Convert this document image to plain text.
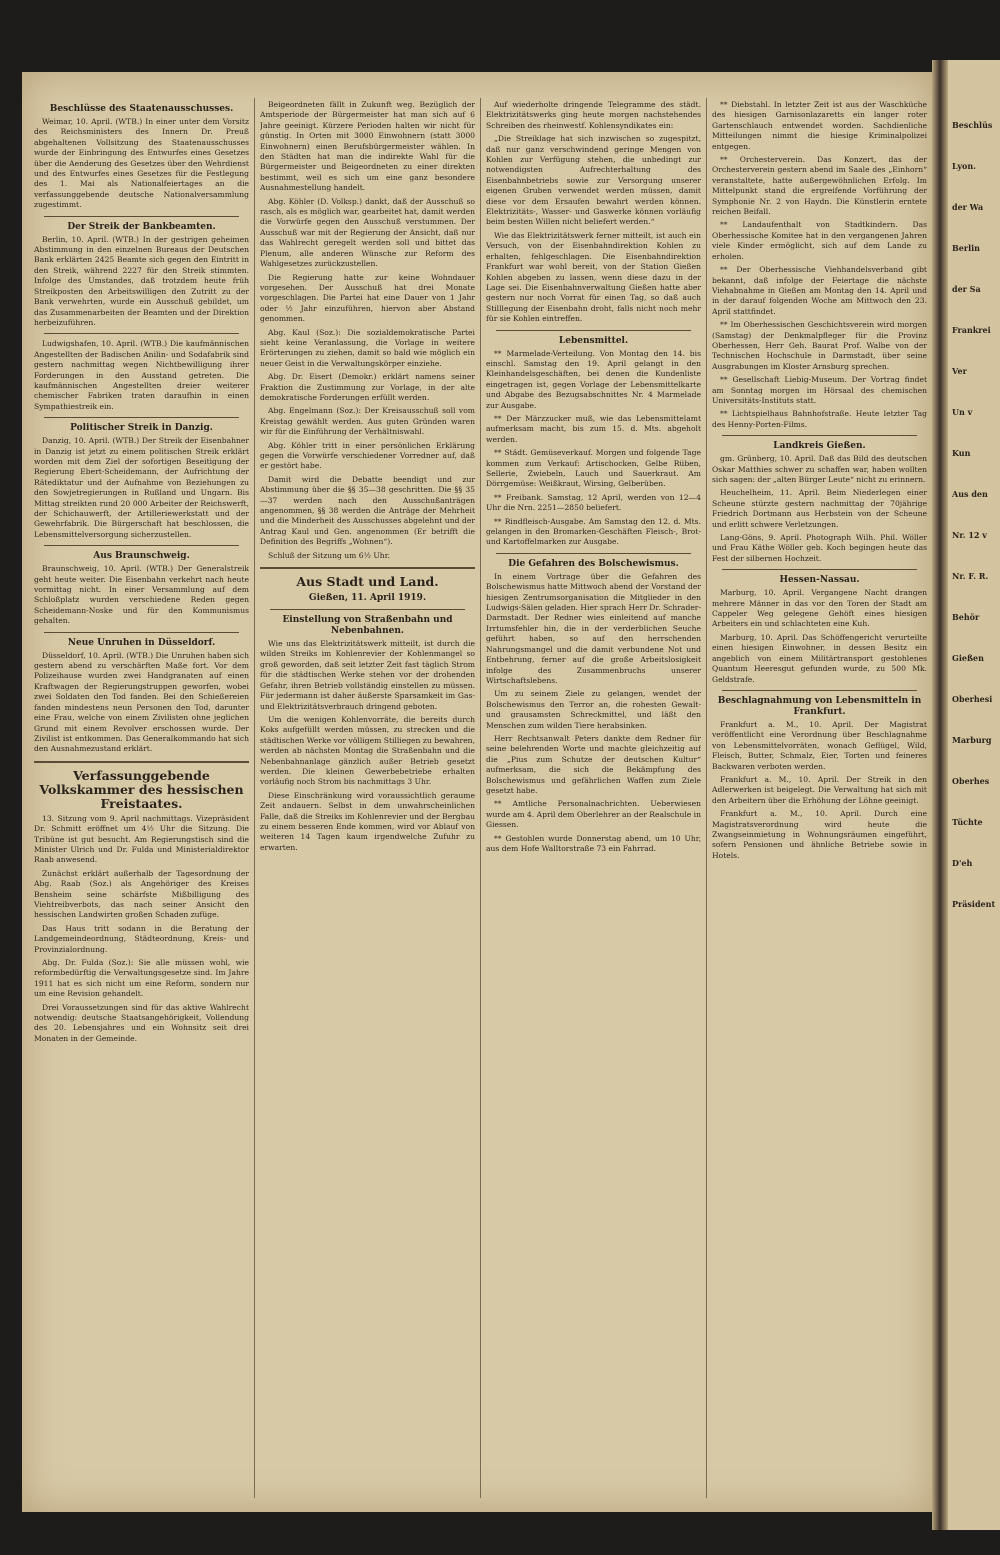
Beschlüsse des Staatenausschusses.

Weimar, 10. April. (WTB.) In einer unter dem Vorsitz des Reichsministers des Innern Dr. Preuß abgehaltenen Vollsitzung des Staatenausschusses wurde der Einbringung des Entwurfes eines Gesetzes über die Aenderung des Gesetzes über den Wehrdienst und des Entwurfes eines Gesetzes für die Festlegung des 1. Mai als Nationalfeiertages an die verfassunggebende deutsche Nationalversammlung zugestimmt.

Der Streik der Bankbeamten.

Berlin, 10. April. (WTB.) In der gestrigen geheimen Abstimmung in den einzelnen Bureaus der Deutschen Bank erklärten 2425 Beamte sich gegen den Eintritt in den Streik, während 2227 für den Streik stimmten. Infolge des Umstandes, daß trotzdem heute früh Streikposten den Arbeitswilligen den Zutritt zu der Bank verwehrten, wurde ein Ausschuß gebildet, um das Zusammenarbeiten der Beamten und der Direktion herbeizuführen.

Ludwigshafen, 10. April. (WTB.) Die kaufmännischen Angestellten der Badischen Anilin- und Sodafabrik sind gestern nachmittag wegen Nichtbewilligung ihrer Forderungen in den Ausstand getreten. Die kaufmännischen Angestellten dreier weiterer chemischer Fabriken traten daraufhin in einen Sympathiestreik ein.

Politischer Streik in Danzig.

Danzig, 10. April. (WTB.) Der Streik der Eisenbahner in Danzig ist jetzt zu einem politischen Streik erklärt worden mit dem Ziel der sofortigen Beseitigung der Regierung Ebert-Scheidemann, der Aufrichtung der Rätediktatur und der Aufnahme von Beziehungen zu den Sowjetregierungen in Rußland und Ungarn. Bis Mittag streikten rund 20 000 Arbeiter der Reichswerft, der Schichauwerft, der Artilleriewerkstatt und der Gewehrfabrik. Die Bürgerschaft hat beschlossen, die Lebensmittelversorgung sicherzustellen.

Aus Braunschweig.

Braunschweig, 10. April. (WTB.) Der Generalstreik geht heute weiter. Die Eisenbahn verkehrt nach heute vormittag nicht. In einer Versammlung auf dem Schloßplatz wurden verschiedene Reden gegen Scheidemann-Noske und für den Kommunismus gehalten.

Neue Unruhen in Düsseldorf.

Düsseldorf, 10. April. (WTB.) Die Unruhen haben sich gestern abend zu verschärften Maße fort. Vor dem Polizeihause wurden zwei Handgranaten auf einen Kraftwagen der Regierungstruppen geworfen, wobei zwei Soldaten den Tod fanden. Bei den Schießereien fanden mindestens neun Personen den Tod, darunter eine Frau, welche von einem Zivilisten ohne jeglichen Grund mit einem Revolver erschossen wurde. Der Zivilist ist entkommen. Das Generalkommando hat sich den Ausnahmezustand erklärt.

Verfassunggebende Volkskammer des hessischen Freistaates.

13. Sitzung vom 9. April nachmittags. Vizepräsident Dr. Schmitt eröffnet um 4½ Uhr die Sitzung. Die Tribüne ist gut besucht. Am Regierungstisch sind die Minister Ulrich und Dr. Fulda und Ministerialdirektor Raab anwesend.

Zunächst erklärt außerhalb der Tagesordnung der Abg. Raab (Soz.) als Angehöriger des Kreises Bensheim seine schärfste Mißbilligung des Viehtreibverbots, das nach seiner Ansicht den hessischen Landwirten großen Schaden zufüge.

Das Haus tritt sodann in die Beratung der Landgemeindeordnung, Städteordnung, Kreis- und Provinzialordnung.

Abg. Dr. Fulda (Soz.): Sie alle müssen wohl, wie reformbedürftig die Verwaltungsgesetze sind. Im Jahre 1911 hat es sich nicht um eine Reform, sondern nur um eine Revision gehandelt.

Drei Voraussetzungen sind für das aktive Wahlrecht notwendig: deutsche Staatsangehörigkeit, Vollendung des 20. Lebensjahres und ein Wohnsitz seit drei Monaten in der Gemeinde.

Beigeordneten fällt in Zukunft weg. Bezüglich der Amtsperiode der Bürgermeister hat man sich auf 6 Jahre geeinigt. Kürzere Perioden halten wir nicht für günstig. In Orten mit 3000 Einwohnern (statt 3000 Einwohnern) einen Berufsbürgermeister wählen. In den Städten hat man die indirekte Wahl für die Bürgermeister und Beigeordneten zu einer direkten bestimmt, weil es sich um eine ganz besondere Ausnahmestellung handelt.

Abg. Köhler (D. Volksp.) dankt, daß der Ausschuß so rasch, als es möglich war, gearbeitet hat, damit werden die Vorwürfe gegen den Ausschuß verstummen. Der Ausschuß war mit der Regierung der Ansicht, daß nur das Wahlrecht geregelt werden soll und bittet das Plenum, alle anderen Wünsche zur Reform des Wahlgesetzes zurückzustellen.

Die Regierung hatte zur keine Wohndauer vorgesehen. Der Ausschuß hat drei Monate vorgeschlagen. Die Partei hat eine Dauer von 1 Jahr oder ½ Jahr einzuführen, hiervon aber Abstand genommen.

Abg. Kaul (Soz.): Die sozialdemokratische Partei sieht keine Veranlassung, die Vorlage in weitere Erörterungen zu ziehen, damit so bald wie möglich ein neuer Geist in die Verwaltungskörper einziehe.

Abg. Dr. Eisert (Demokr.) erklärt namens seiner Fraktion die Zustimmung zur Vorlage, in der alte demokratische Forderungen erfüllt werden.

Abg. Engelmann (Soz.): Der Kreisausschuß soll vom Kreistag gewählt werden. Aus guten Gründen waren wir für die Einführung der Verhältniswahl.

Abg. Köhler tritt in einer persönlichen Erklärung gegen die Vorwürfe verschiedener Vorredner auf, daß er gestört habe.

Damit wird die Debatte beendigt und zur Abstimmung über die §§ 35—38 geschritten. Die §§ 35—37 werden nach den Ausschußanträgen angenommen, §§ 38 werden die Anträge der Mehrheit und die Minderheit des Ausschusses abgelehnt und der Antrag Kaul und Gen. angenommen (Er betrifft die Definition des Begriffs „Wohnen“).

Schluß der Sitzung um 6½ Uhr.

Aus Stadt und Land.
Gießen, 11. April 1919.
Einstellung von Straßenbahn und Nebenbahnen.

Wie uns das Elektrizitätswerk mitteilt, ist durch die wilden Streiks im Kohlenrevier der Kohlenmangel so groß geworden, daß seit letzter Zeit fast täglich Strom für die städtischen Werke stehen vor der drohenden Gefahr, ihren Betrieb vollständig einstellen zu müssen. Für jedermann ist daher äußerste Sparsamkeit im Gas- und Elektrizitätsverbrauch dringend geboten.

Um die wenigen Kohlenvorräte, die bereits durch Koks aufgefüllt werden müssen, zu strecken und die städtischen Werke vor völligem Stilliegen zu bewahren, werden ab nächsten Montag die Straßenbahn und die Nebenbahnanlage gänzlich außer Betrieb gesetzt werden. Die kleinen Gewerbebetriebe erhalten vorläufig noch Strom bis nachmittags 3 Uhr.

Diese Einschränkung wird voraussichtlich geraume Zeit andauern. Selbst in dem unwahrscheinlichen Falle, daß die Streiks im Kohlenrevier und der Bergbau zu einem besseren Ende kommen, wird vor Ablauf von weiteren 14 Tagen kaum irgendwelche Zufuhr zu erwarten.

Auf wiederholte dringende Telegramme des städt. Elektrizitätswerks ging heute morgen nachstehendes Schreiben des rheinwestf. Kohlensyndikates ein:

„Die Streiklage hat sich inzwischen so zugespitzt, daß nur ganz verschwindend geringe Mengen von Kohlen zur Verfügung stehen, die unbedingt zur notwendigsten Aufrechterhaltung des Eisenbahnbetriebs sowie zur Versorgung unserer eigenen Gruben verwendet werden müssen, damit diese vor dem Ersaufen bewahrt werden können. Elektrizitäts-, Wasser- und Gaswerke können vorläufig beim besten Willen nicht beliefert werden.“

Wie das Elektrizitätswerk ferner mitteilt, ist auch ein Versuch, von der Eisenbahndirektion Kohlen zu erhalten, fehlgeschlagen. Die Eisenbahndirektion Frankfurt war wohl bereit, von der Station Gießen Kohlen abgeben zu lassen, wenn diese dazu in der Lage sei. Die Eisenbahnverwaltung Gießen hatte aber gestern nur noch Vorrat für einen Tag, so daß auch Stilllegung der Eisenbahn droht, falls nicht noch mehr für sie Kohlen eintreffen.

Lebensmittel.

** Marmelade-Verteilung. Von Montag den 14. bis einschl. Samstag den 19. April gelangt in den Kleinhandelsgeschäften, bei denen die Kundenliste eingetragen ist, gegen Vorlage der Lebensmittelkarte und Abgabe des Bezugsabschnittes Nr. 4 Marmelade zur Ausgabe.

** Der Märzzucker muß, wie das Lebensmittelamt aufmerksam macht, bis zum 15. d. Mts. abgeholt werden.

** Städt. Gemüseverkauf. Morgen und folgende Tage kommen zum Verkauf: Artischocken, Gelbe Rüben, Sellerie, Zwiebeln, Lauch und Sauerkraut. Am Dörrgemüse: Weißkraut, Wirsing, Gelberüben.

** Freibank. Samstag, 12 April, werden von 12—4 Uhr die Nrn. 2251—2850 beliefert.

** Rindfleisch-Ausgabe. Am Samstag den 12. d. Mts. gelangen in den Bromarken-Geschäften Fleisch-, Brot- und Kartoffelmarken zur Ausgabe.

Die Gefahren des Bolschewismus.

In einem Vortrage über die Gefahren des Bolschewismus hatte Mittwoch abend der Vorstand der hiesigen Zentrumsorganisation die Mitglieder in den Ludwigs-Sälen geladen. Hier sprach Herr Dr. Schrader-Darmstadt. Der Redner wies einleitend auf manche Irrtumsfehler hin, die in der verderblichen Seuche geführt haben, so auf den herrschenden Nahrungsmangel und die damit verbundene Not und Entbehrung, ferner auf die große Arbeitslosigkeit infolge des Zusammenbruchs unserer Wirtschaftslebens.

Um zu seinem Ziele zu gelangen, wendet der Bolschewismus den Terror an, die rohesten Gewalt- und grausamsten Schreckmittel, und läßt den Menschen zum wilden Tiere herabsinken.

Herr Rechtsanwalt Peters dankte dem Redner für seine belehrenden Worte und machte gleichzeitig auf die „Pius zum Schutze der deutschen Kultur“ aufmerksam, die sich die Bekämpfung des Bolschewismus und gefährlichen Waffen zum Ziele gesetzt habe.

** Amtliche Personalnachrichten. Ueberwiesen wurde am 4. April dem Oberlehrer an der Realschule in Giessen.

** Gestohlen wurde Donnerstag abend, um 10 Uhr, aus dem Hofe Walltorstraße 73 ein Fahrrad.

** Diebstahl. In letzter Zeit ist aus der Waschküche des hiesigen Garnisonlazaretts ein langer roter Gartenschlauch entwendet worden. Sachdienliche Mitteilungen nimmt die hiesige Kriminalpolizei entgegen.

** Orchesterverein. Das Konzert, das der Orchesterverein gestern abend im Saale des „Einhorn“ veranstaltete, hatte außergewöhnlichen Erfolg. Im Mittelpunkt stand die ergreifende Vorführung der Symphonie Nr. 2 von Haydn. Die Künstlerin erntete reichen Beifall.

** Landaufenthalt von Stadtkindern. Das Oberhessische Komitee hat in den vergangenen Jahren viele Kinder ermöglicht, sich auf dem Lande zu erholen.

** Der Oberhessische Viehhandelsverband gibt bekannt, daß infolge der Feiertage die nächste Viehabnahme in Gießen am Montag den 14. April und in der darauf folgenden Woche am Mittwoch den 23. April stattfindet.

** Im Oberhessischen Geschichtsverein wird morgen (Samstag) der Denkmalpfleger für die Provinz Oberhessen, Herr Geh. Baurat Prof. Walbe von der Technischen Hochschule in Darmstadt, über seine Ausgrabungen im Kloster Arnsburg sprechen.

** Gesellschaft Liebig-Museum. Der Vortrag findet am Sonntag morgen im Hörsaal des chemischen Universitäts-Instituts statt.

** Lichtspielhaus Bahnhofstraße. Heute letzter Tag des Henny-Porten-Films.

Landkreis Gießen.

gm. Grünberg, 10. April. Daß das Bild des deutschen Oskar Matthies schwer zu schaffen war, haben wollten sich sagen: der „alten Bürger Leute“ nicht zu erinnern.

Heuchelheim, 11. April. Beim Niederlegen einer Scheune stürzte gestern nachmittag der 70jährige Friedrich Dortmann aus Herbstein von der Scheune und erlitt schwere Verletzungen.

Lang-Göns, 9. April. Photograph Wilh. Phil. Wöller und Frau Käthe Wöller geb. Koch begingen heute das Fest der silbernen Hochzeit.

Hessen-Nassau.

Marburg, 10. April. Vergangene Nacht drangen mehrere Männer in das vor den Toren der Stadt am Cappeler Weg gelegene Gehöft eines hiesigen Arbeiters ein und schlachteten eine Kuh.

Marburg, 10. April. Das Schöffengericht verurteilte einen hiesigen Einwohner, in dessen Besitz ein angeblich von einem Militärtransport gestohlenes Quantum Heeresgut gefunden wurde, zu 500 Mk. Geldstrafe.

Beschlagnahmung von Lebensmitteln in Frankfurt.

Frankfurt a. M., 10. April. Der Magistrat veröffentlicht eine Verordnung über Beschlagnahme von Lebensmittelvorräten, wonach Geflügel, Wild, Fleisch, Butter, Schmalz, Eier, Torten und feineres Backwaren verboten werden.

Frankfurt a. M., 10. April. Der Streik in den Adlerwerken ist beigelegt. Die Verwaltung hat sich mit den Arbeitern über die Erhöhung der Löhne geeinigt.

Frankfurt a. M., 10. April. Durch eine Magistratsverordnung wird heute die Zwangseinmietung in Wohnungsräumen eingeführt, sofern Pensionen und ähnliche Betriebe sowie in Hotels.

Beschlüs
Lyon.
der Wa
Berlin
der Sa
Frankrei
Ver
Un v
Kun
Aus den
Nr. 12 v
Nr. F. R.
Behör
Gießen
Oberhesi
Marburg
Oberhes
Tüchte
D'eh
Präsident
